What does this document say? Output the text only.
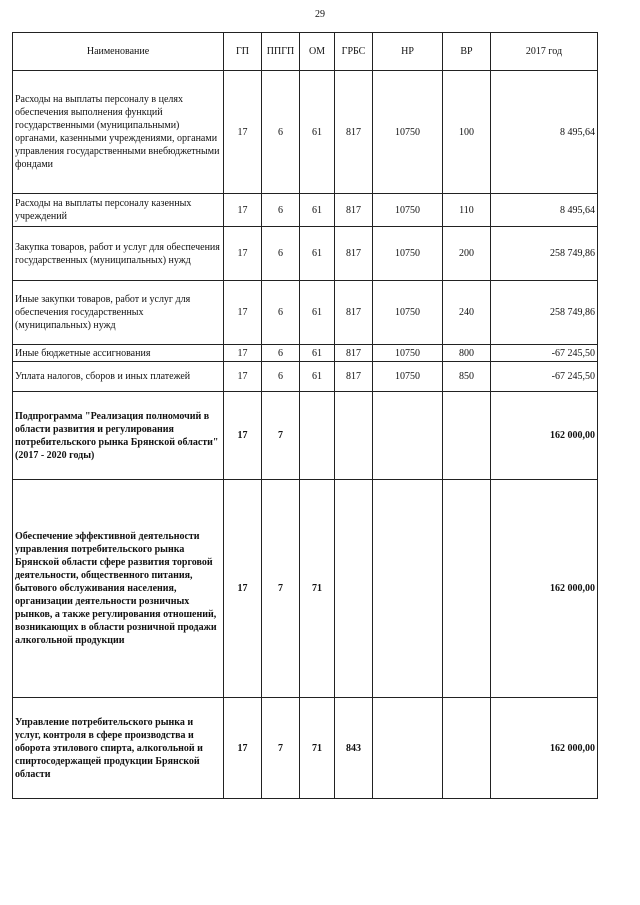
29
Наименование	ГП	ППГП	ОМ	ГРБС	НР	ВР	2017 год
Расходы на выплаты персоналу в целях обеспечения выполнения функций государственными (муниципальными) органами, казенными учреждениями, органами управления государственными внебюджетными фондами	17	6	61	817	10750	100	8 495,64
Расходы на выплаты персоналу казенных учреждений	17	6	61	817	10750	110	8 495,64
Закупка товаров, работ и услуг для обеспечения государственных (муниципальных) нужд	17	6	61	817	10750	200	258 749,86
Иные закупки товаров, работ и услуг для обеспечения государственных (муниципальных) нужд	17	6	61	817	10750	240	258 749,86
Иные бюджетные ассигнования	17	6	61	817	10750	800	-67 245,50
Уплата налогов, сборов и иных платежей	17	6	61	817	10750	850	-67 245,50
Подпрограмма "Реализация полномочий в области развития и регулирования потребительского рынка Брянской области" (2017 - 2020 годы)	17	7					162 000,00
Обеспечение эффективной деятельности управления потребительского рынка Брянской области сфере развития торговой деятельности, общественного питания, бытового обслуживания населения, организации деятельности розничных рынков, а также регулирования отношений, возникающих в области розничной продажи алкогольной продукции	17	7	71				162 000,00
Управление потребительского рынка и услуг, контроля в сфере производства и оборота этилового спирта, алкогольной и спиртосодержащей продукции Брянской области	17	7	71	843			162 000,00
